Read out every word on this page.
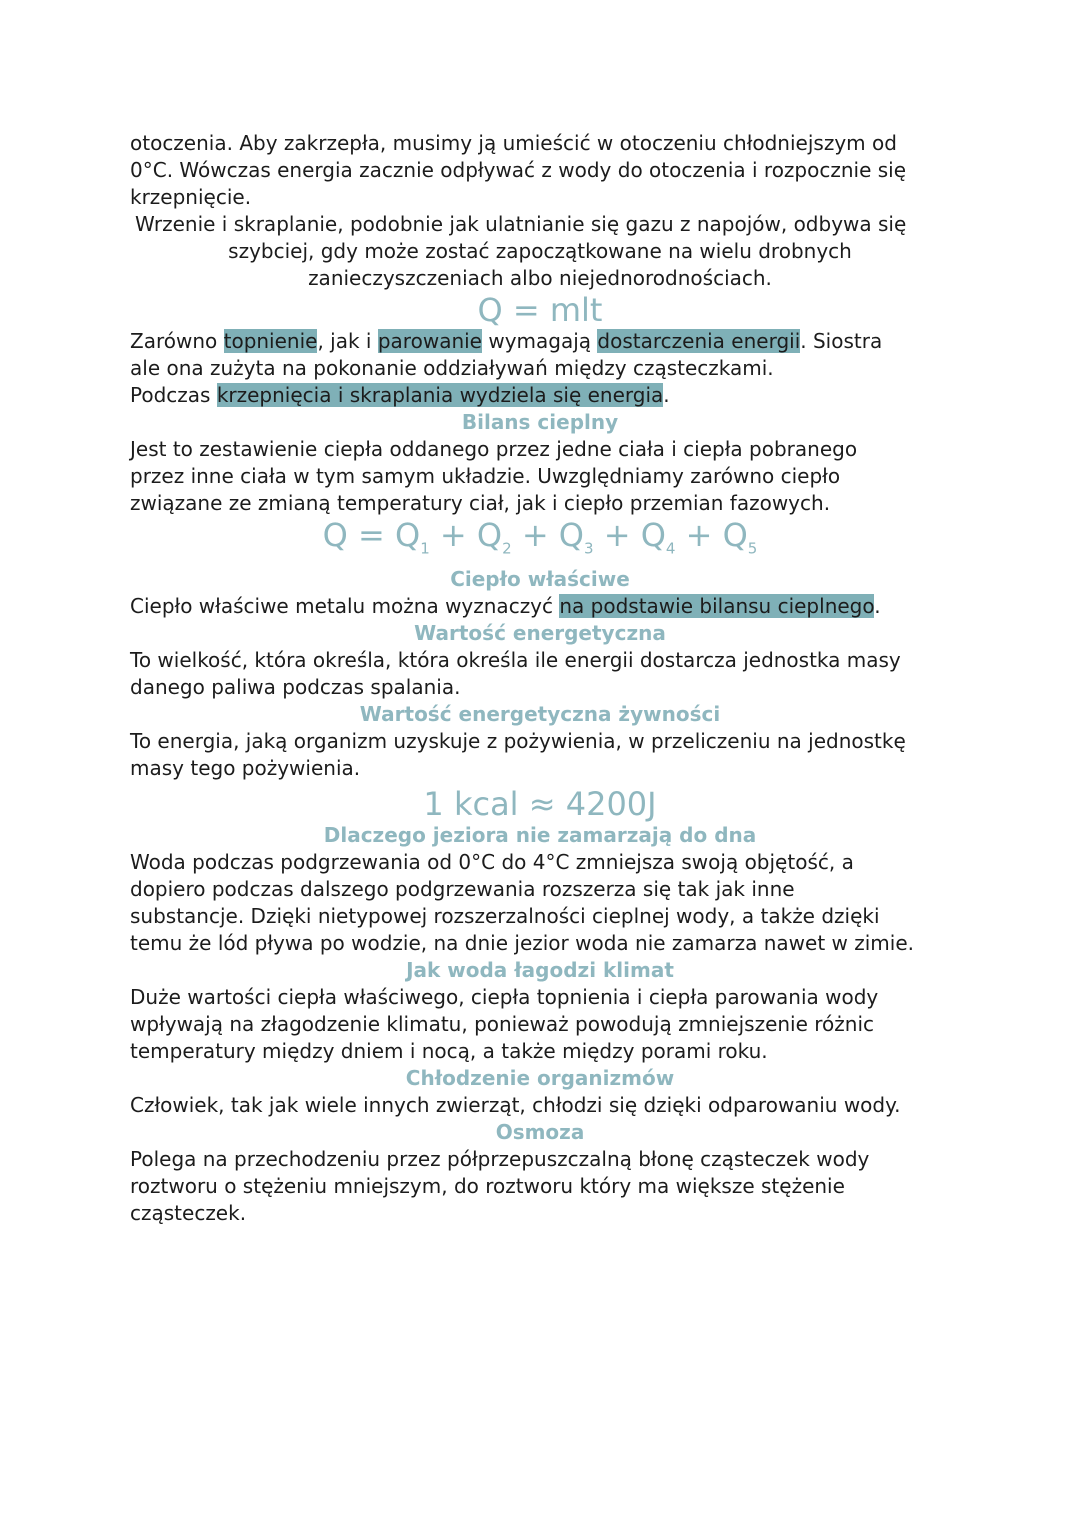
otoczenia. Aby zakrzepła, musimy ją umieścić w otoczeniu chłodniejszym od

0°C. Wówczas energia zacznie odpływać z wody do otoczenia i rozpocznie się

krzepnięcie.

Wrzenie i skraplanie, podobnie jak ulatnianie się gazu z napojów, odbywa się

szybciej, gdy może zostać zapoczątkowane na wielu drobnych

zanieczyszczeniach albo niejednorodnościach.

Q = mlt

Zarówno topnienie, jak i parowanie wymagają dostarczenia energii. Siostra

ale ona zużyta na pokonanie oddziaływań między cząsteczkami.

Podczas krzepnięcia i skraplania wydziela się energia.

Bilans cieplny

Jest to zestawienie ciepła oddanego przez jedne ciała i ciepła pobranego

przez inne ciała w tym samym układzie. Uwzględniamy zarówno ciepło

związane ze zmianą temperatury ciał, jak i ciepło przemian fazowych.

$Q = Q_1 + Q_2 + Q_3 + Q_4 + Q_5$

Ciepło właściwe

Ciepło właściwe metalu można wyznaczyć na podstawie bilansu cieplnego.

Wartość energetyczna

To wielkość, która określa, która określa ile energii dostarcza jednostka masy

danego paliwa podczas spalania.

Wartość energetyczna żywności

To energia, jaką organizm uzyskuje z pożywienia, w przeliczeniu na jednostkę

masy tego pożywienia.

1 kcal ≈ 4200J

Dlaczego jeziora nie zamarzają do dna

Woda podczas podgrzewania od 0°C do 4°C zmniejsza swoją objętość, a

dopiero podczas dalszego podgrzewania rozszerza się tak jak inne

substancje. Dzięki nietypowej rozszerzalności cieplnej wody, a także dzięki

temu że lód pływa po wodzie, na dnie jezior woda nie zamarza nawet w zimie.

Jak woda łagodzi klimat

Duże wartości ciepła właściwego, ciepła topnienia i ciepła parowania wody

wpływają na złagodzenie klimatu, ponieważ powodują zmniejszenie różnic

temperatury między dniem i nocą, a także między porami roku.

Chłodzenie organizmów

Człowiek, tak jak wiele innych zwierząt, chłodzi się dzięki odparowaniu wody.

Osmoza

Polega na przechodzeniu przez półprzepuszczalną błonę cząsteczek wody

roztworu o stężeniu mniejszym, do roztworu który ma większe stężenie

cząsteczek.
